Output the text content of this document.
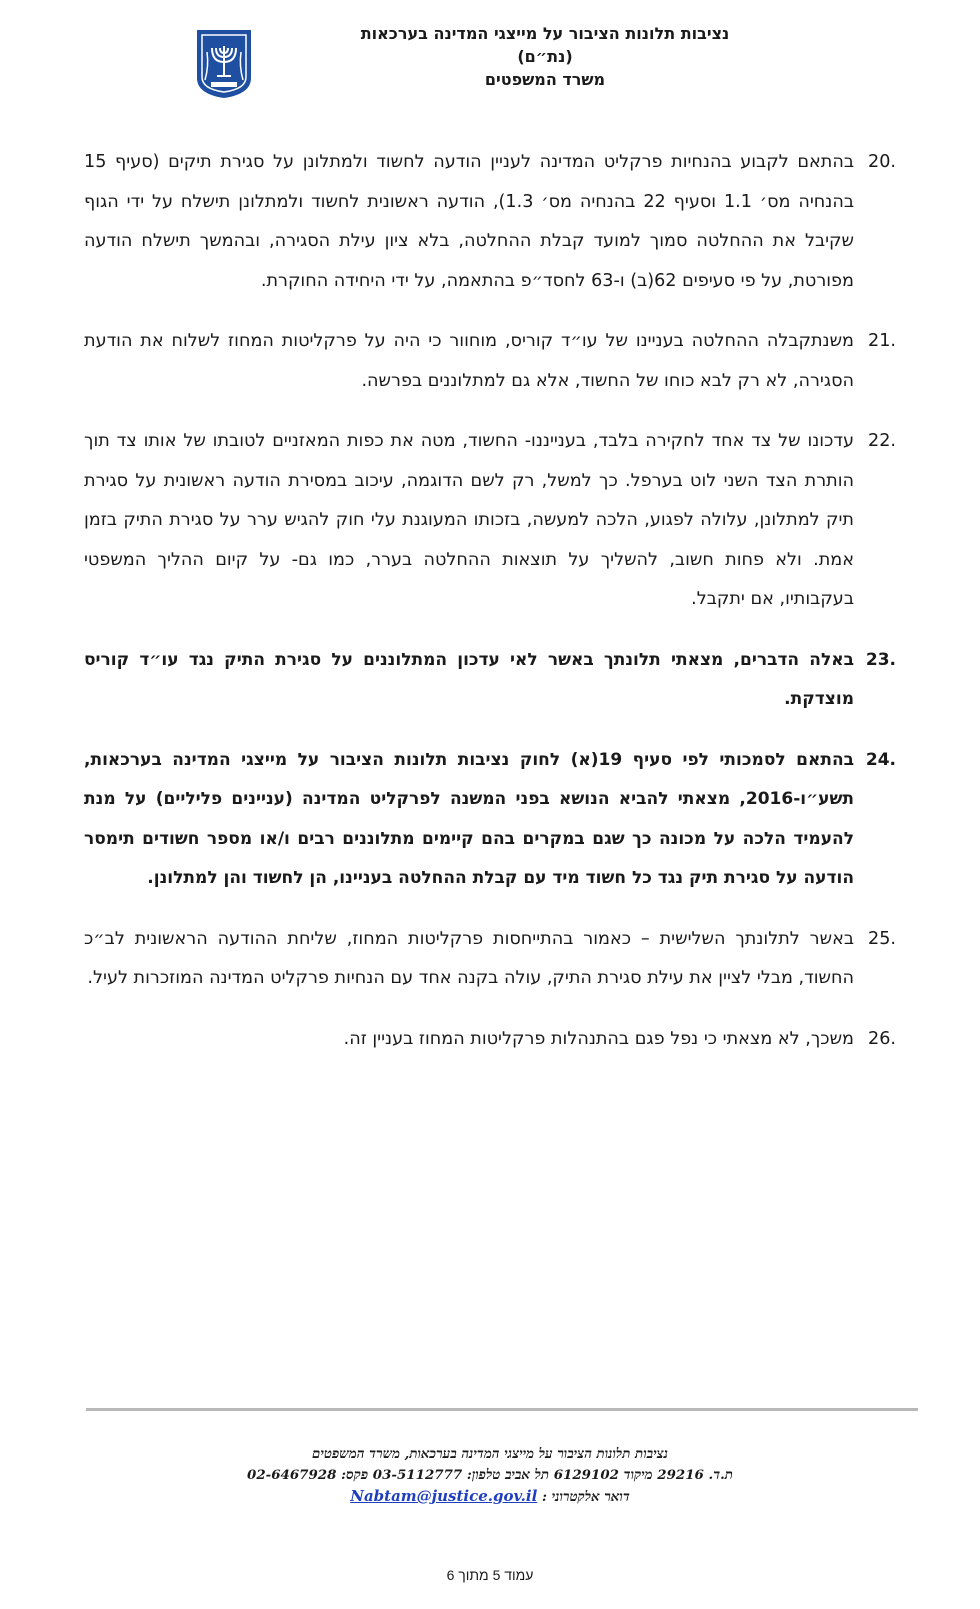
נציבות תלונות הציבור על מייצגי המדינה בערכאות
(נת״ם)
משרד המשפטים
20.
בהתאם לקבוע בהנחיות פרקליט המדינה לעניין הודעה לחשוד ולמתלונן על סגירת תיקים (סעיף 15 בהנחיה מס׳ 1.1 וסעיף 22 בהנחיה מס׳ 1.3), הודעה ראשונית לחשוד ולמתלונן תישלח על ידי הגוף שקיבל את ההחלטה סמוך למועד קבלת ההחלטה, בלא ציון עילת הסגירה, ובהמשך תישלח הודעה מפורטת, על פי סעיפים 62(ב) ו-63 לחסד״פ בהתאמה, על ידי היחידה החוקרת.
21.
משנתקבלה ההחלטה בעניינו של עו״ד קוריס, מוחוור כי היה על פרקליטות המחוז לשלוח את הודעת הסגירה, לא רק לבא כוחו של החשוד, אלא גם למתלוננים בפרשה.
22.
עדכונו של צד אחד לחקירה בלבד, בענייננו- החשוד, מטה את כפות המאזניים לטובתו של אותו צד תוך הותרת הצד השני לוט בערפל. כך למשל, רק לשם הדוגמה, עיכוב במסירת הודעה ראשונית על סגירת תיק למתלונן, עלולה לפגוע, הלכה למעשה, בזכותו המעוגנת עלי חוק להגיש ערר על סגירת התיק בזמן אמת. ולא פחות חשוב, להשליך על תוצאות ההחלטה בערר, כמו גם- על קיום ההליך המשפטי בעקבותיו, אם יתקבל.
23.
באלה הדברים, מצאתי תלונתך באשר לאי עדכון המתלוננים על סגירת התיק נגד עו״ד קוריס מוצדקת.
24.
בהתאם לסמכותי לפי סעיף 19(א) לחוק נציבות תלונות הציבור על מייצגי המדינה בערכאות, תשע״ו-2016, מצאתי להביא הנושא בפני המשנה לפרקליט המדינה (עניינים פליליים) על מנת להעמיד הלכה על מכונה כך שגם במקרים בהם קיימים מתלוננים רבים ו/או מספר חשודים תימסר הודעה על סגירת תיק נגד כל חשוד מיד עם קבלת ההחלטה בעניינו, הן לחשוד והן למתלונן.
25.
באשר לתלונתך השלישית – כאמור בהתייחסות פרקליטות המחוז, שליחת ההודעה הראשונית לב״כ החשוד, מבלי לציין את עילת סגירת התיק, עולה בקנה אחד עם הנחיות פרקליט המדינה המוזכרות לעיל.
26.
משכך, לא מצאתי כי נפל פגם בהתנהלות פרקליטות המחוז בעניין זה.
נציבות תלונות הציבור על מייצגי המדינה בערכאות, משרד המשפטים
ת.ד. 29216 מיקוד 6129102 תל אביב טלפון: 03-5112777 פקס: 02-6467928
דואר אלקטרוני : Nabtam@justice.gov.il
עמוד 5 מתוך 6
